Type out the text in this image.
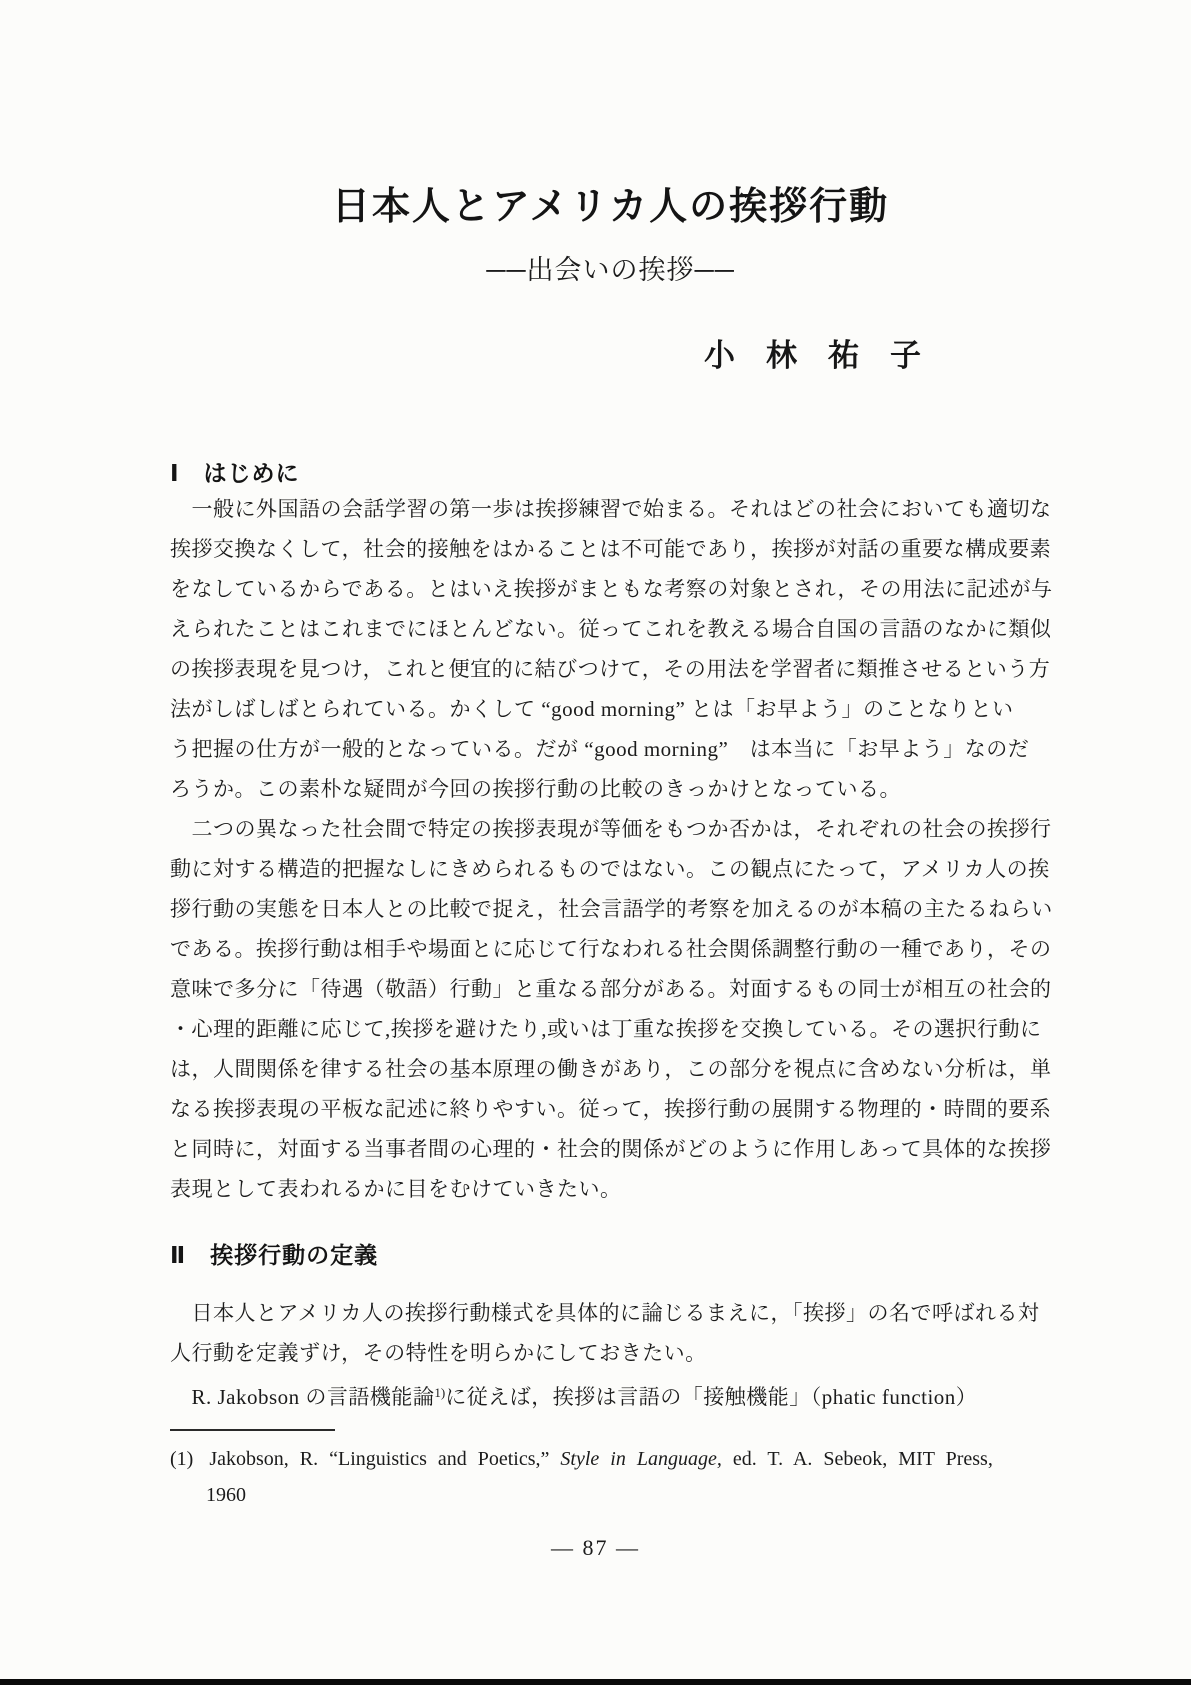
日本人とアメリカ人の挨拶行動
──出会いの挨拶──
小　林　祐　子
Ⅰ　はじめに
　一般に外国語の会話学習の第一歩は挨拶練習で始まる。それはどの社会においても適切な
挨拶交換なくして，社会的接触をはかることは不可能であり，挨拶が対話の重要な構成要素
をなしているからである。とはいえ挨拶がまともな考察の対象とされ，その用法に記述が与
えられたことはこれまでにほとんどない。従ってこれを教える場合自国の言語のなかに類似
の挨拶表現を見つけ，これと便宜的に結びつけて，その用法を学習者に類推させるという方
法がしばしばとられている。かくして “good morning” とは「お早よう」のことなりとい
う把握の仕方が一般的となっている。だが “good morning”　は本当に「お早よう」なのだ
ろうか。この素朴な疑問が今回の挨拶行動の比較のきっかけとなっている。
　二つの異なった社会間で特定の挨拶表現が等価をもつか否かは，それぞれの社会の挨拶行
動に対する構造的把握なしにきめられるものではない。この観点にたって，アメリカ人の挨
拶行動の実態を日本人との比較で捉え，社会言語学的考察を加えるのが本稿の主たるねらい
である。挨拶行動は相手や場面とに応じて行なわれる社会関係調整行動の一種であり，その
意味で多分に「待遇（敬語）行動」と重なる部分がある。対面するもの同士が相互の社会的
・心理的距離に応じて,挨拶を避けたり,或いは丁重な挨拶を交換している。その選択行動に
は，人間関係を律する社会の基本原理の働きがあり，この部分を視点に含めない分析は，単
なる挨拶表現の平板な記述に終りやすい。従って，挨拶行動の展開する物理的・時間的要系
と同時に，対面する当事者間の心理的・社会的関係がどのように作用しあって具体的な挨拶
表現として表われるかに目をむけていきたい。
Ⅱ　挨拶行動の定義
　日本人とアメリカ人の挨拶行動様式を具体的に論じるまえに，「挨拶」の名で呼ばれる対
人行動を定義ずけ，その特性を明らかにしておきたい。
　R. Jakobson の言語機能論$^{1)}$に従えば，挨拶は言語の「接触機能」（phatic function）
(1) Jakobson, R. “Linguistics and Poetics,” Style in Language, ed. T. A. Sebeok, MIT Press,
1960
— 87 —
